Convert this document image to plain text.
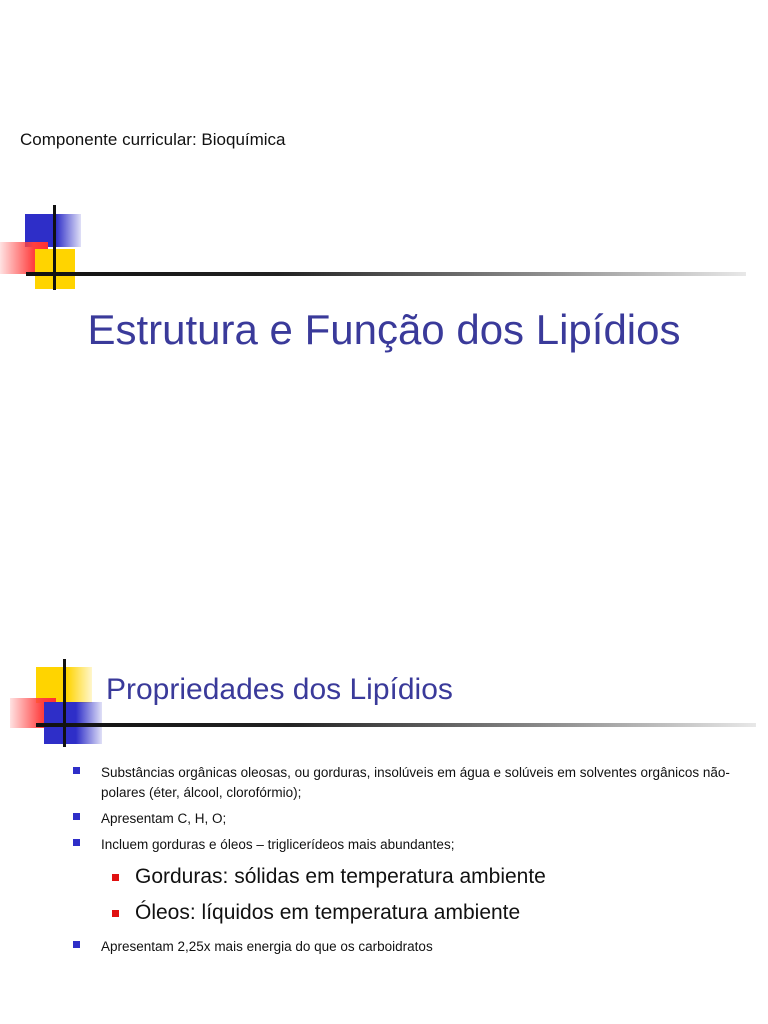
Componente curricular: Bioquímica
Estrutura e Função dos Lipídios
Propriedades dos Lipídios
Substâncias orgânicas oleosas, ou gorduras, insolúveis em água e solúveis em solventes orgânicos não-polares (éter, álcool, clorofórmio);
Apresentam C, H, O;
Incluem gorduras e óleos – triglicerídeos mais abundantes;
Gorduras: sólidas em temperatura ambiente
Óleos: líquidos em temperatura ambiente
Apresentam 2,25x mais energia do que os carboidratos
